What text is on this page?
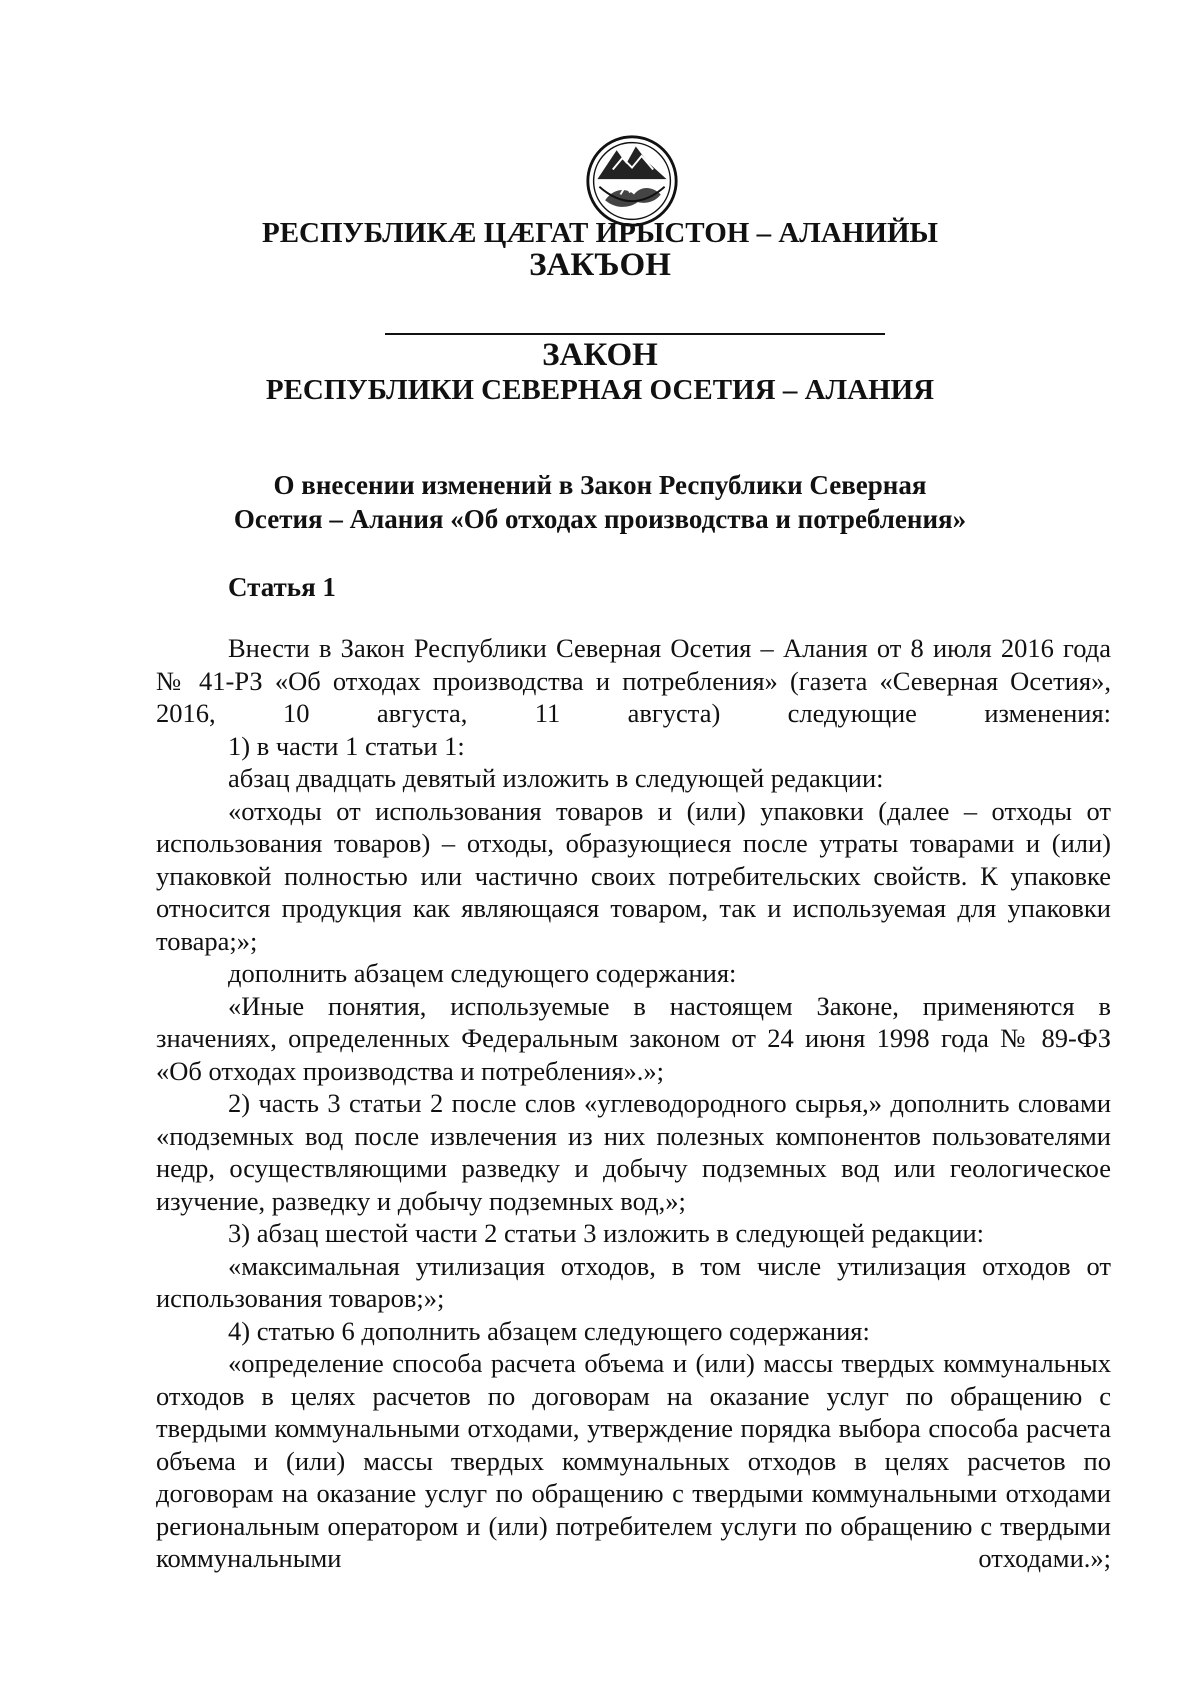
РЕСПУБЛИКӔ ЦӔГАТ ИРЫСТОН – АЛАНИЙЫ
ЗАКЪОН
ЗАКОН
РЕСПУБЛИКИ СЕВЕРНАЯ ОСЕТИЯ – АЛАНИЯ
О внесении изменений в Закон Республики Северная
Осетия – Алания «Об отходах производства и потребления»
Статья 1

Внести в Закон Республики Северная Осетия – Алания от 8 июля 2016 года № 41-РЗ «Об отходах производства и потребления» (газета «Северная Осетия», 2016, 10 августа, 11 августа) следующие изменения:

1) в части 1 статьи 1:

абзац двадцать девятый изложить в следующей редакции:

«отходы от использования товаров и (или) упаковки (далее – отходы от использования товаров) – отходы, образующиеся после утраты товарами и (или) упаковкой полностью или частично своих потребительских свойств. К упаковке относится продукция как являющаяся товаром, так и используемая для упаковки товара;»;

дополнить абзацем следующего содержания:

«Иные понятия, используемые в настоящем Законе, применяются в значениях, определенных Федеральным законом от 24 июня 1998 года № 89-ФЗ «Об отходах производства и потребления».»;

2) часть 3 статьи 2 после слов «углеводородного сырья,» дополнить словами «подземных вод после извлечения из них полезных компонентов пользователями недр, осуществляющими разведку и добычу подземных вод или геологическое изучение, разведку и добычу подземных вод,»;

3) абзац шестой части 2 статьи 3 изложить в следующей редакции:

«максимальная утилизация отходов, в том числе утилизация отходов от использования товаров;»;

4) статью 6 дополнить абзацем следующего содержания:

«определение способа расчета объема и (или) массы твердых коммунальных отходов в целях расчетов по договорам на оказание услуг по обращению с твердыми коммунальными отходами, утверждение порядка выбора способа расчета объема и (или) массы твердых коммунальных отходов в целях расчетов по договорам на оказание услуг по обращению с твердыми коммунальными отходами региональным оператором и (или) потребителем услуги по обращению с твердыми коммунальными отходами.»;
